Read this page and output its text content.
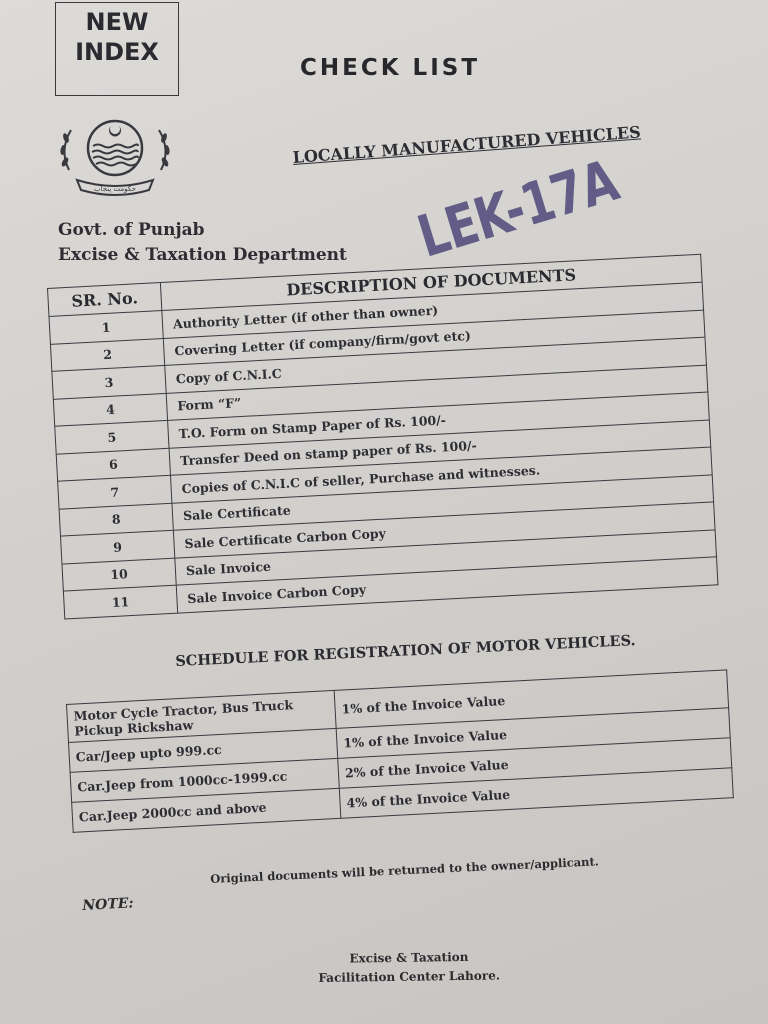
NEW
INDEX
CHECK LIST
حکومت پنجاب
LOCALLY MANUFACTURED VEHICLES
Govt. of Punjab
Excise & Taxation Department LEK-17A
SR. No.	DESCRIPTION OF DOCUMENTS
1	Authority Letter (if other than owner)
2	Covering Letter (if company/firm/govt etc)
3	Copy of C.N.I.C
4	Form “F”
5	T.O. Form on Stamp Paper of Rs. 100/-
6	Transfer Deed on stamp paper of Rs. 100/-
7	Copies of C.N.I.C of seller, Purchase and witnesses.
8	Sale Certificate
9	Sale Certificate Carbon Copy
10	Sale Invoice
11	Sale Invoice Carbon Copy
SCHEDULE FOR REGISTRATION OF MOTOR VEHICLES.
Motor Cycle Tractor, Bus Truck
Pickup Rickshaw	1% of the Invoice Value

Car/Jeep upto 999.cc	1% of the Invoice Value

Car.Jeep from 1000cc-1999.cc	2% of the Invoice Value

Car.Jeep 2000cc and above	4% of the Invoice Value
NOTE:
Original documents will be returned to the owner/applicant.
Excise & Taxation
Facilitation Center Lahore.
